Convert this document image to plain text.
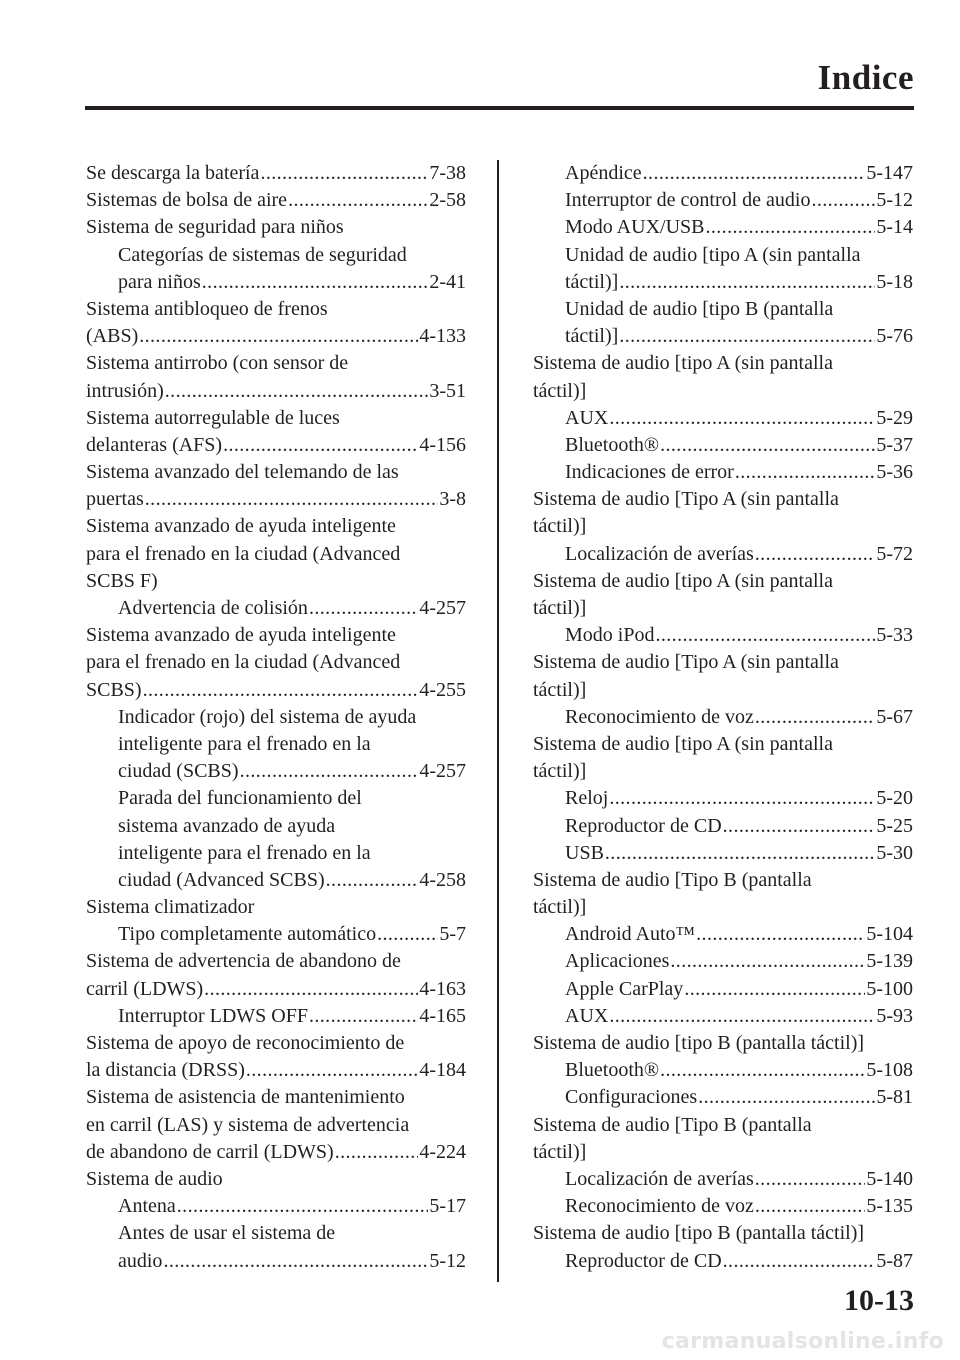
Indice
Se descarga la batería .....	7-38
Sistemas de bolsa de aire .....	2-58
Sistema de seguridad para niños
Categorías de sistemas de seguridad
para niños .....	2-41
Sistema antibloqueo de frenos
(ABS) .....	4-133
Sistema antirrobo (con sensor de
intrusión) .....	3-51
Sistema autorregulable de luces
delanteras (AFS) .....	4-156
Sistema avanzado del telemando de las
puertas .....	3-8
Sistema avanzado de ayuda inteligente
para el frenado en la ciudad (Advanced
SCBS F)
Advertencia de colisión .....	4-257
Sistema avanzado de ayuda inteligente
para el frenado en la ciudad (Advanced
SCBS) .....	4-255
Indicador (rojo) del sistema de ayuda
inteligente para el frenado en la
ciudad (SCBS) .....	4-257
Parada del funcionamiento del
sistema avanzado de ayuda
inteligente para el frenado en la
ciudad (Advanced SCBS) .....	4-258
Sistema climatizador
Tipo completamente automático .....	5-7
Sistema de advertencia de abandono de
carril (LDWS) .....	4-163
Interruptor LDWS OFF .....	4-165
Sistema de apoyo de reconocimiento de
la distancia (DRSS) .....	4-184
Sistema de asistencia de mantenimiento
en carril (LAS) y sistema de advertencia
de abandono de carril (LDWS) .....	4-224
Sistema de audio
Antena .....	5-17
Antes de usar el sistema de
audio .....	5-12
Apéndice .....	5-147
Interruptor de control de audio .....	5-12
Modo AUX/USB .....	5-14
Unidad de audio [tipo A (sin pantalla
táctil)] .....	5-18
Unidad de audio [tipo B (pantalla
táctil)] .....	5-76
Sistema de audio [tipo A (sin pantalla
táctil)]
AUX .....	5-29
Bluetooth® .....	5-37
Indicaciones de error .....	5-36
Sistema de audio [Tipo A (sin pantalla
táctil)]
Localización de averías .....	5-72
Sistema de audio [tipo A (sin pantalla
táctil)]
Modo iPod .....	5-33
Sistema de audio [Tipo A (sin pantalla
táctil)]
Reconocimiento de voz .....	5-67
Sistema de audio [tipo A (sin pantalla
táctil)]
Reloj .....	5-20
Reproductor de CD .....	5-25
USB .....	5-30
Sistema de audio [Tipo B (pantalla
táctil)]
Android Auto™ .....	5-104
Aplicaciones .....	5-139
Apple CarPlay .....	5-100
AUX .....	5-93
Sistema de audio [tipo B (pantalla táctil)]
Bluetooth® .....	5-108
Configuraciones .....	5-81
Sistema de audio [Tipo B (pantalla
táctil)]
Localización de averías .....	5-140
Reconocimiento de voz .....	5-135
Sistema de audio [tipo B (pantalla táctil)]
Reproductor de CD .....	5-87
10-13
carmanualsonline.info
